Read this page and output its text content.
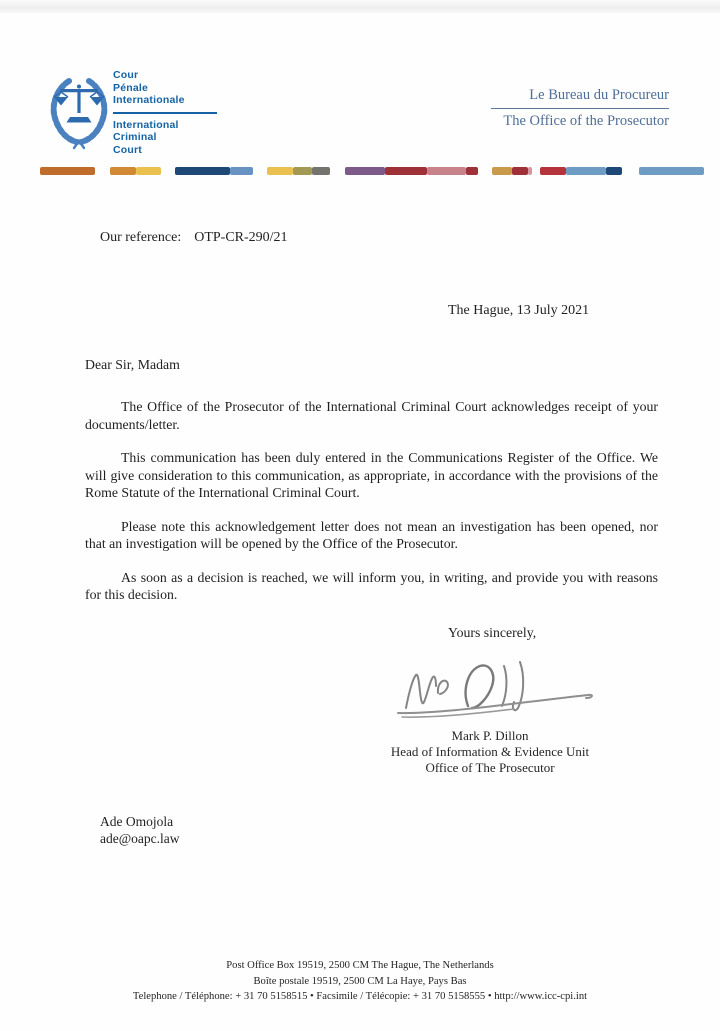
Cour
Pénale
Internationale
International
Criminal
Court
Le Bureau du Procureur
The Office of the Prosecutor
Our reference: OTP-CR-290/21
The Hague, 13 July 2021
Dear Sir, Madam

The Office of the Prosecutor of the International Criminal Court acknowledges receipt of your documents/letter.

This communication has been duly entered in the Communications Register of the Office. We will give consideration to this communication, as appropriate, in accordance with the provisions of the Rome Statute of the International Criminal Court.

Please note this acknowledgement letter does not mean an investigation has been opened, nor that an investigation will be opened by the Office of the Prosecutor.

As soon as a decision is reached, we will inform you, in writing, and provide you with reasons for this decision.

Yours sincerely,
Mark P. Dillon
Head of Information & Evidence Unit
Office of The Prosecutor
Ade Omojola
ade@oapc.law
Post Office Box 19519, 2500 CM The Hague, The Netherlands
Boîte postale 19519, 2500 CM La Haye, Pays Bas
Telephone / Téléphone: + 31 70 5158515 • Facsimile / Télécopie: + 31 70 5158555 • http://www.icc-cpi.int
